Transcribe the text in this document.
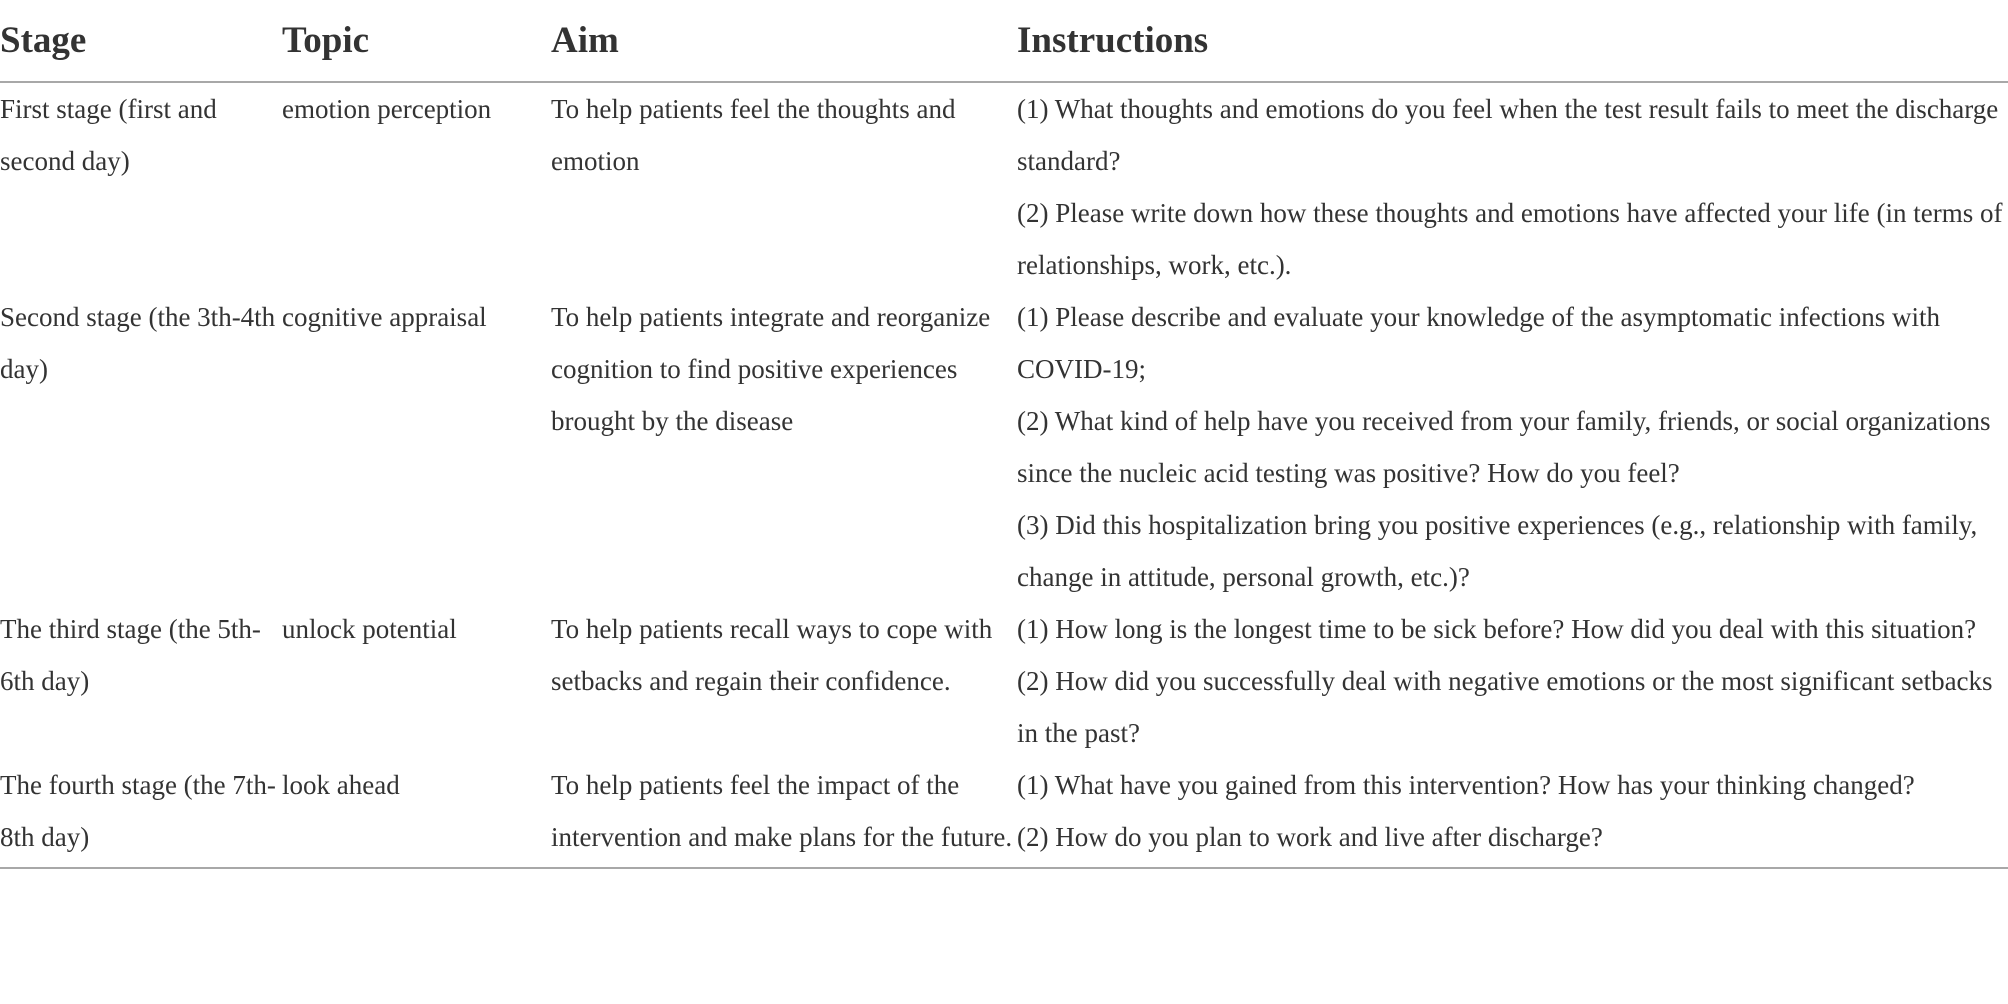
Stage	Topic	Aim	Instructions
First stage (first and second day)	emotion perception	To help patients feel the thoughts and emotion	(1) What thoughts and emotions do you feel when the test result fails to meet the discharge standard?
(2) Please write down how these thoughts and emotions have affected your life (in terms of relationships, work, etc.).

Second stage (the 3th-4th day)	cognitive appraisal	To help patients integrate and reorganize cognition to find positive experiences brought by the disease	(1) Please describe and evaluate your knowledge of the asymptomatic infections with COVID-19;
(2) What kind of help have you received from your family, friends, or social organizations since the nucleic acid testing was positive? How do you feel?
(3) Did this hospitalization bring you positive experiences (e.g., relationship with family, change in attitude, personal growth, etc.)?

The third stage (the 5th-6th day)	unlock potential	To help patients recall ways to cope with setbacks and regain their confidence.	(1) How long is the longest time to be sick before? How did you deal with this situation?
(2) How did you successfully deal with negative emotions or the most significant setbacks in the past?

The fourth stage (the 7th-8th day)	look ahead	To help patients feel the impact of the intervention and make plans for the future.	(1) What have you gained from this intervention? How has your thinking changed?
(2) How do you plan to work and live after discharge?
